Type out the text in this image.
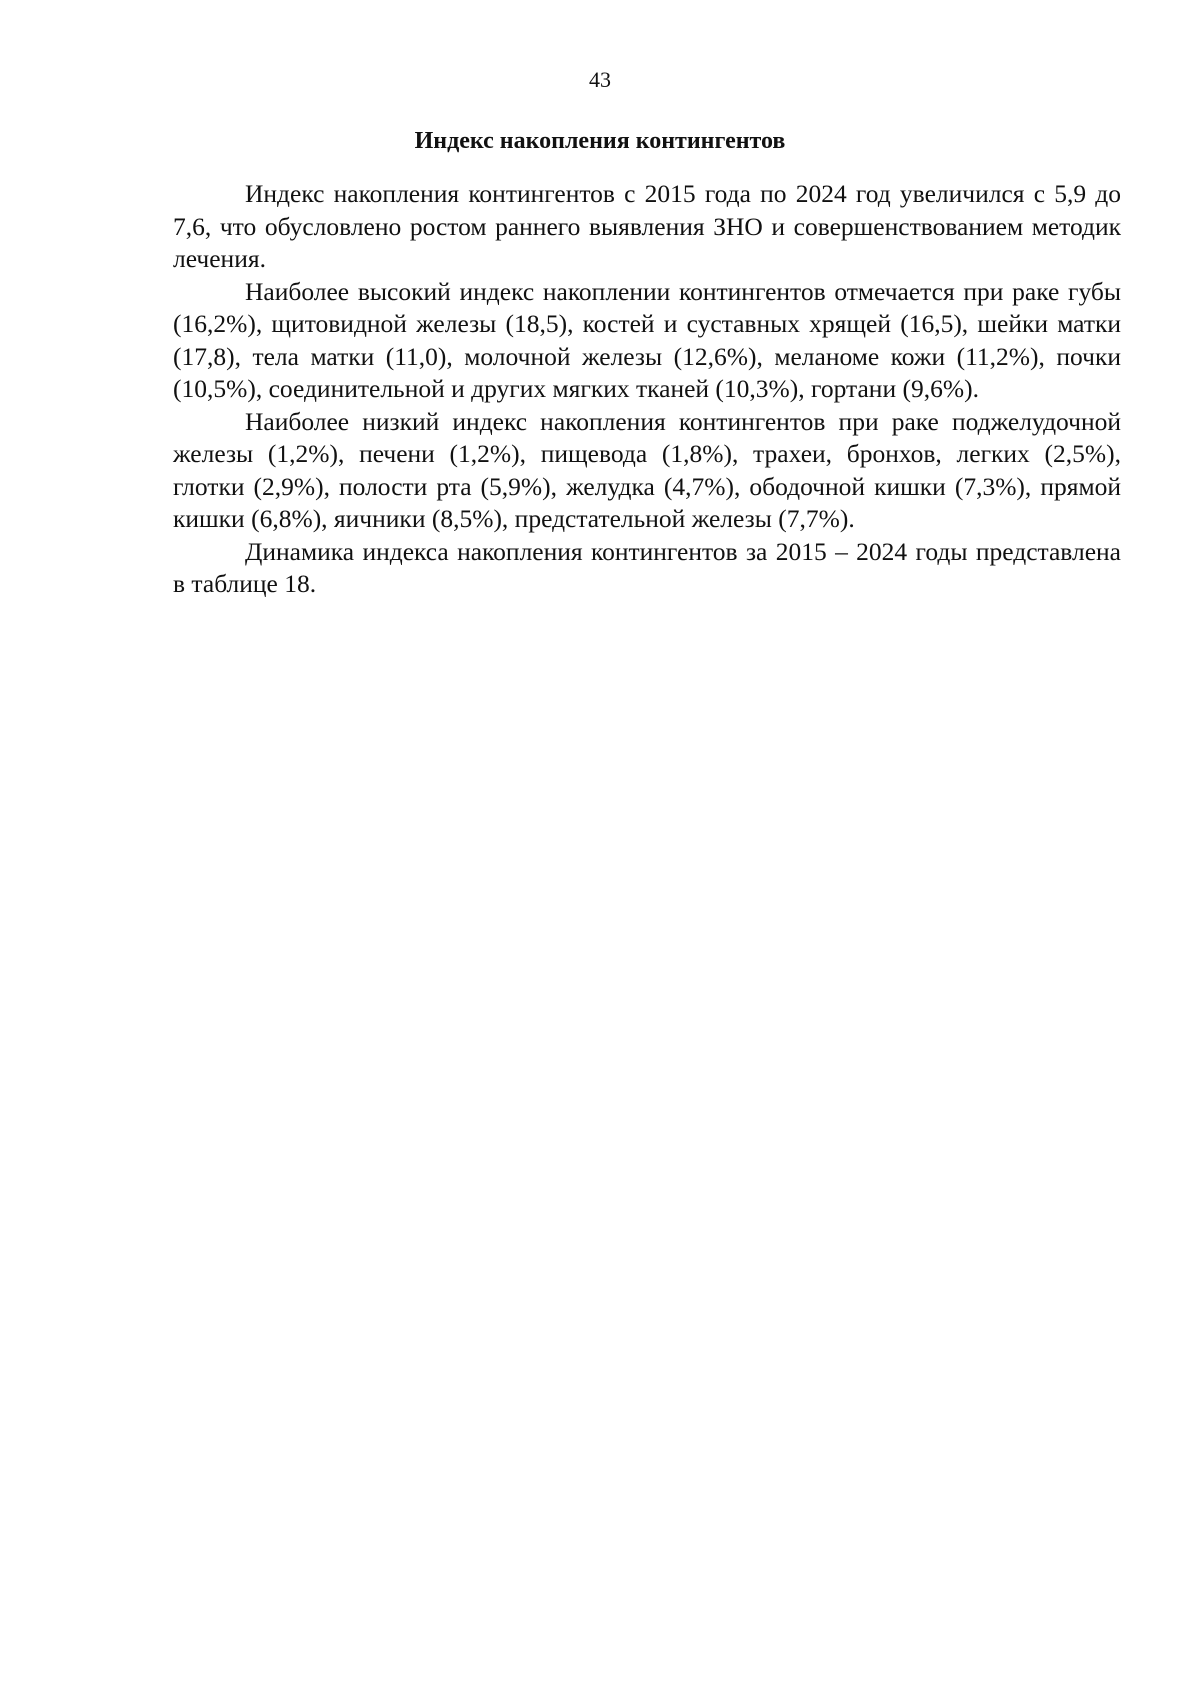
43
Индекс накопления контингентов

Индекс накопления контингентов с 2015 года по 2024 год увеличился с 5,9 до 7,6, что обусловлено ростом раннего выявления ЗНО и совершенствованием методик лечения.

Наиболее высокий индекс накоплении контингентов отмечается при раке губы (16,2%), щитовидной железы (18,5), костей и суставных хрящей (16,5), шейки матки (17,8), тела матки (11,0), молочной железы (12,6%), меланоме кожи (11,2%), почки (10,5%), соединительной и других мягких тканей (10,3%), гортани (9,6%).

Наиболее низкий индекс накопления контингентов при раке поджелудочной железы (1,2%), печени (1,2%), пищевода (1,8%), трахеи, бронхов, легких (2,5%), глотки (2,9%), полости рта (5,9%), желудка (4,7%), ободочной кишки (7,3%), прямой кишки (6,8%), яичники (8,5%), предстательной железы (7,7%).

Динамика индекса накопления контингентов за 2015 – 2024 годы представлена в таблице 18.
